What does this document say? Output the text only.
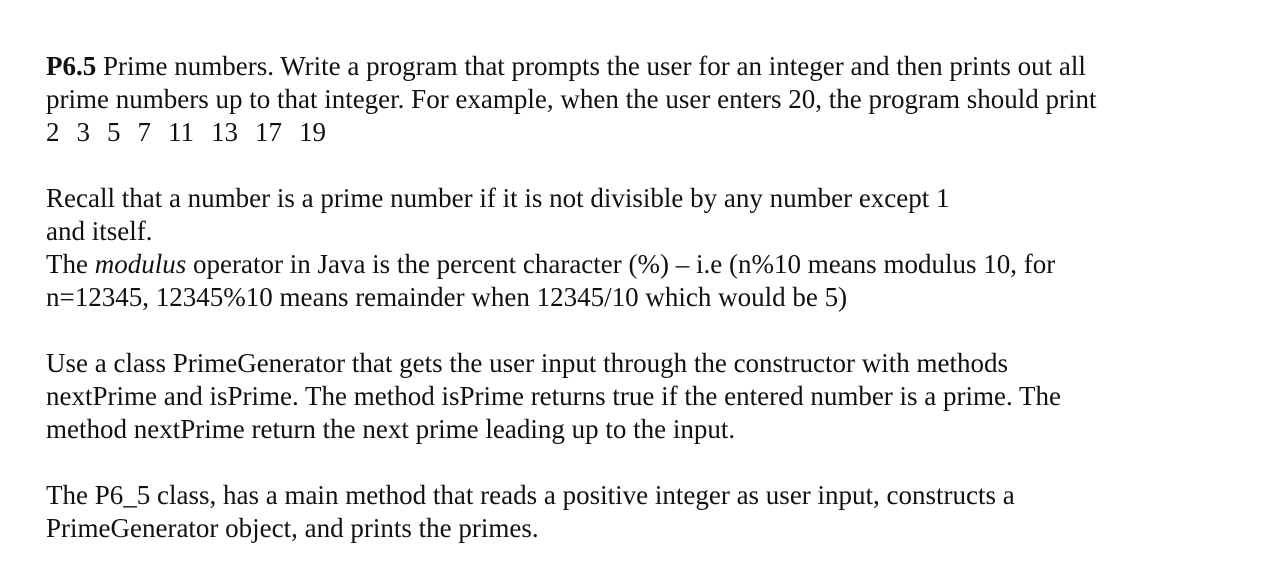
P6.5 Prime numbers. Write a program that prompts the user for an integer and then prints out all
prime numbers up to that integer. For example, when the user enters 20, the program should print
2 3 5 7 11 13 17 19
Recall that a number is a prime number if it is not divisible by any number except 1
and itself.
The modulus operator in Java is the percent character (%) – i.e (n%10 means modulus 10, for
n=12345, 12345%10 means remainder when 12345/10 which would be 5)
Use a class PrimeGenerator that gets the user input through the constructor with methods
nextPrime and isPrime. The method isPrime returns true if the entered number is a prime. The
method nextPrime return the next prime leading up to the input.
The P6_5 class, has a main method that reads a positive integer as user input, constructs a
PrimeGenerator object, and prints the primes.
